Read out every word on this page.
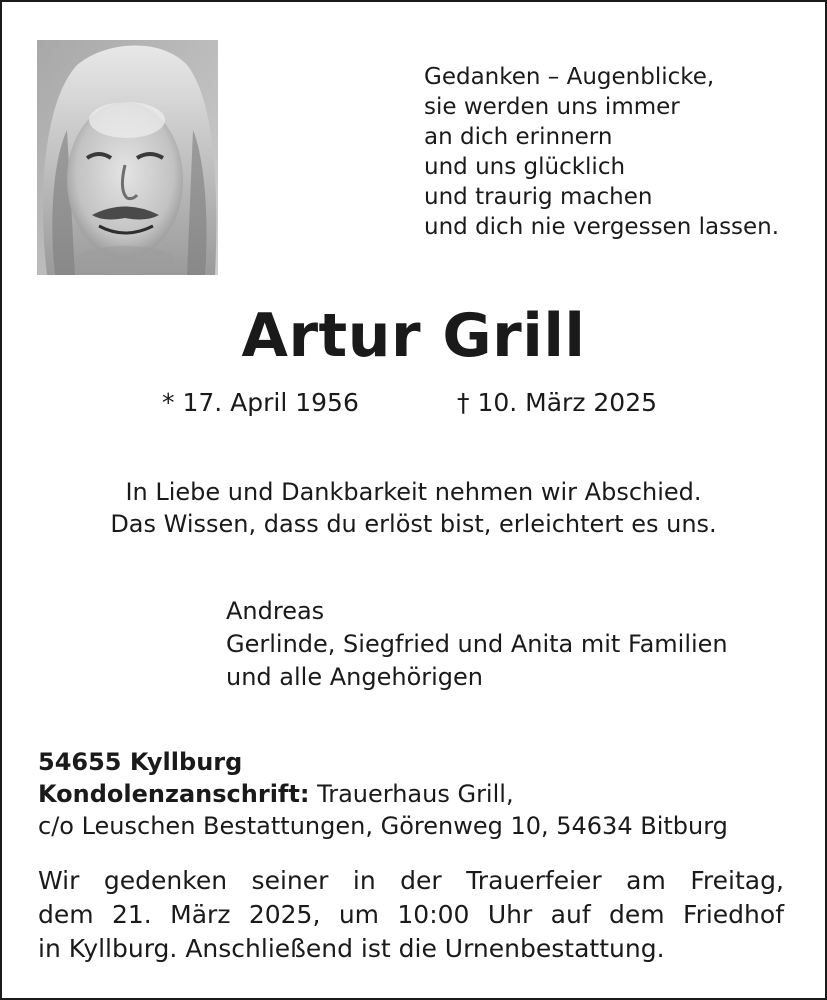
Gedanken – Augenblicke,
sie werden uns immer
an dich erinnern
und uns glücklich
und traurig machen
und dich nie vergessen lassen.
Artur Grill
* 17. April 1956	† 10. März 2025
In Liebe und Dankbarkeit nehmen wir Abschied.
Das Wissen, dass du erlöst bist, erleichtert es uns.
Andreas
Gerlinde, Siegfried und Anita mit Familien
und alle Angehörigen
54655 Kyllburg
Kondolenzanschrift: Trauerhaus Grill,
c/o Leuschen Bestattungen, Görenweg 10, 54634 Bitburg
Wir gedenken seiner in der Trauerfeier am Freitag,
dem 21. März 2025, um 10:00 Uhr auf dem Friedhof
in Kyllburg. Anschließend ist die Urnenbestattung.
